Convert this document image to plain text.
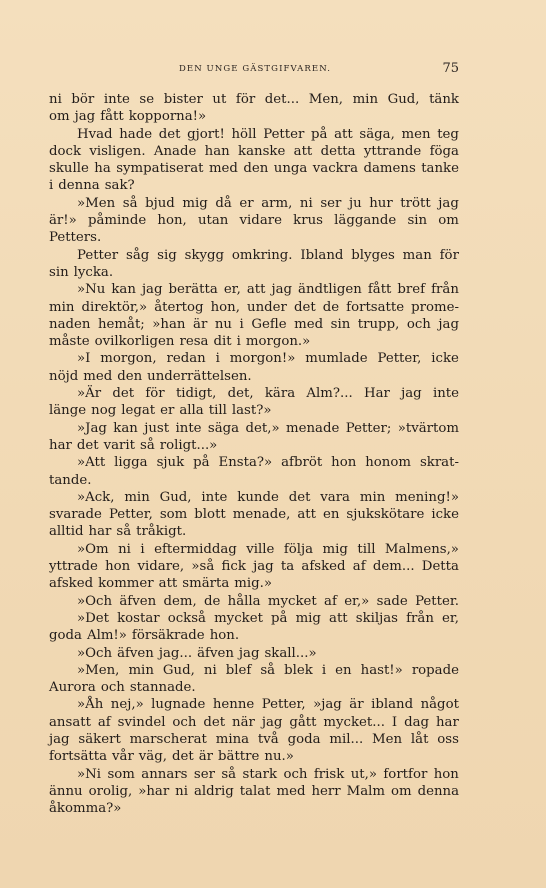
DEN UNGE GÄSTGIFVAREN.	75
ni bör inte se bister ut för det... Men, min Gud, tänk
om jag fått kopporna!»
Hvad hade det gjort! höll Petter på att säga, men teg
dock visligen. Anade han kanske att detta yttrande föga
skulle ha sympatiserat med den unga vackra damens tanke
i denna sak?
»Men så bjud mig då er arm, ni ser ju hur trött jag
är!» påminde hon, utan vidare krus läggande sin om
Petters.
Petter såg sig skygg omkring. Ibland blyges man för
sin lycka.
»Nu kan jag berätta er, att jag ändtligen fått bref från
min direktör,» återtog hon, under det de fortsatte prome-
naden hemåt; »han är nu i Gefle med sin trupp, och jag
måste ovilkorligen resa dit i morgon.»
»I morgon, redan i morgon!» mumlade Petter, icke
nöjd med den underrättelsen.
»Är det för tidigt, det, kära Alm?... Har jag inte
länge nog legat er alla till last?»
»Jag kan just inte säga det,» menade Petter; »tvärtom
har det varit så roligt...»
»Att ligga sjuk på Ensta?» afbröt hon honom skrat-
tande.
»Ack, min Gud, inte kunde det vara min mening!»
svarade Petter, som blott menade, att en sjukskötare icke
alltid har så tråkigt.
»Om ni i eftermiddag ville följa mig till Malmens,»
yttrade hon vidare, »så fick jag ta afsked af dem... Detta
afsked kommer att smärta mig.»
»Och äfven dem, de hålla mycket af er,» sade Petter.
»Det kostar också mycket på mig att skiljas från er,
goda Alm!» försäkrade hon.
»Och äfven jag... äfven jag skall...»
»Men, min Gud, ni blef så blek i en hast!» ropade
Aurora och stannade.
»Åh nej,» lugnade henne Petter, »jag är ibland något
ansatt af svindel och det när jag gått mycket... I dag har
jag säkert marscherat mina två goda mil... Men låt oss
fortsätta vår väg, det är bättre nu.»
»Ni som annars ser så stark och frisk ut,» fortfor hon
ännu orolig, »har ni aldrig talat med herr Malm om denna
åkomma?»
